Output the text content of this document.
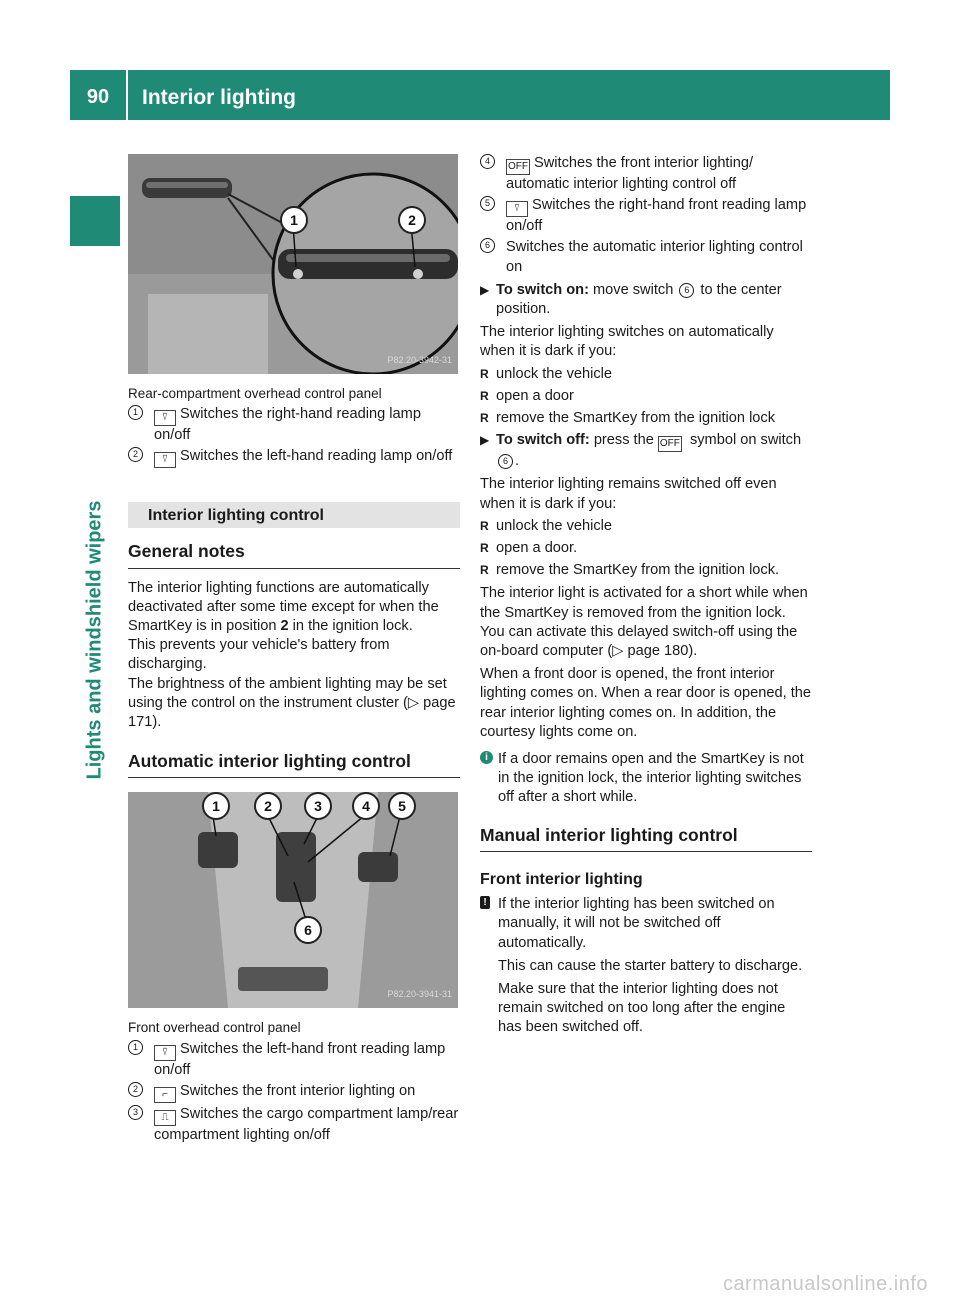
90	Interior lighting
Lights and windshield wipers
1	2
P82.20-3942-31

Rear-compartment overhead control panel

1	⍢ Switches the right-hand reading lamp on/off
2	⍢ Switches the left-hand reading lamp on/off
Interior lighting control
General notes

The interior lighting functions are automatically deactivated after some time except for when the SmartKey is in position 2 in the ignition lock.

This prevents your vehicle's battery from discharging.

The brightness of the ambient lighting may be set using the control on the instrument cluster (▷ page 171).

Automatic interior lighting control
1	2	3	4	5
6
P82.20-3941-31

Front overhead control panel

1	⍢ Switches the left-hand front reading lamp on/off
2	⌐ Switches the front interior lighting on
3	⎍ Switches the cargo compartment lamp/rear compartment lighting on/off
4	OFF Switches the front interior lighting/ automatic interior lighting control off
5	⍢ Switches the right-hand front reading lamp on/off
6	Switches the automatic interior lighting control on
▶ To switch on: move switch 6 to the center position.

The interior lighting switches on automatically when it is dark if you:

R unlock the vehicle
R open a door
R remove the SmartKey from the ignition lock
▶ To switch off: press the OFF symbol on switch 6 .

The interior lighting remains switched off even when it is dark if you:

R unlock the vehicle
R open a door.
R remove the SmartKey from the ignition lock.

The interior light is activated for a short while when the SmartKey is removed from the ignition lock. You can activate this delayed switch-off using the on-board computer (▷ page 180).

When a front door is opened, the front interior lighting comes on. When a rear door is opened, the rear interior lighting comes on. In addition, the courtesy lights come on.

i If a door remains open and the SmartKey is not in the ignition lock, the interior lighting switches off after a short while.
Manual interior lighting control
Front interior lighting
! If the interior lighting has been switched on manually, it will not be switched off automatically.

This can cause the starter battery to discharge.

Make sure that the interior lighting does not remain switched on too long after the engine has been switched off.

carmanualsonline.info
